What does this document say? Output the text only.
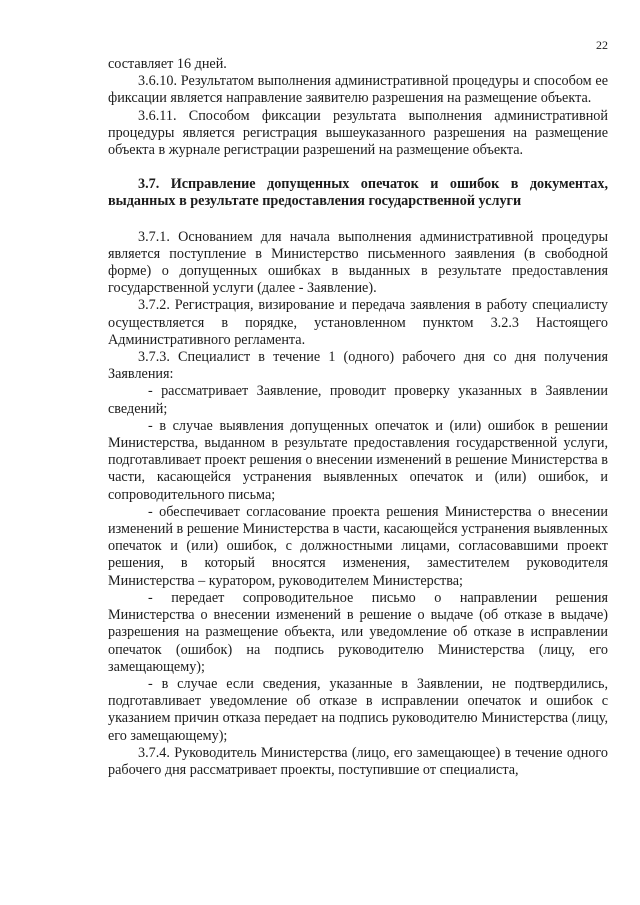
22

составляет 16 дней.

3.6.10. Результатом выполнения административной процедуры и способом ее фиксации является направление заявителю разрешения на размещение объекта.

3.6.11. Способом фиксации результата выполнения административной процедуры является регистрация вышеуказанного разрешения на размещение объекта в журнале регистрации разрешений на размещение объекта.

3.7. Исправление допущенных опечаток и ошибок в документах, выданных в результате предоставления государственной услуги

3.7.1. Основанием для начала выполнения административной процедуры является поступление в Министерство письменного заявления (в свободной форме) о допущенных ошибках в выданных в результате предоставления государственной услуги (далее - Заявление).

3.7.2. Регистрация, визирование и передача заявления в работу специалисту осуществляется в порядке, установленном пунктом 3.2.3 Настоящего Административного регламента.

3.7.3. Специалист в течение 1 (одного) рабочего дня со дня получения Заявления:

- рассматривает Заявление, проводит проверку указанных в Заявлении сведений;

- в случае выявления допущенных опечаток и (или) ошибок в решении Министерства, выданном в результате предоставления государственной услуги, подготавливает проект решения о внесении изменений в решение Министерства в части, касающейся устранения выявленных опечаток и (или) ошибок, и сопроводительного письма;

- обеспечивает согласование проекта решения Министерства о внесении изменений в решение Министерства в части, касающейся устранения выявленных опечаток и (или) ошибок, с должностными лицами, согласовавшими проект решения, в который вносятся изменения, заместителем руководителя Министерства – куратором, руководителем Министерства;

- передает сопроводительное письмо о направлении решения Министерства о внесении изменений в решение о выдаче (об отказе в выдаче) разрешения на размещение объекта, или уведомление об отказе в исправлении опечаток (ошибок) на подпись руководителю Министерства (лицу, его замещающему);

- в случае если сведения, указанные в Заявлении, не подтвердились, подготавливает уведомление об отказе в исправлении опечаток и ошибок с указанием причин отказа передает на подпись руководителю Министерства (лицу, его замещающему);

3.7.4. Руководитель Министерства (лицо, его замещающее) в течение одного рабочего дня рассматривает проекты, поступившие от специалиста,
